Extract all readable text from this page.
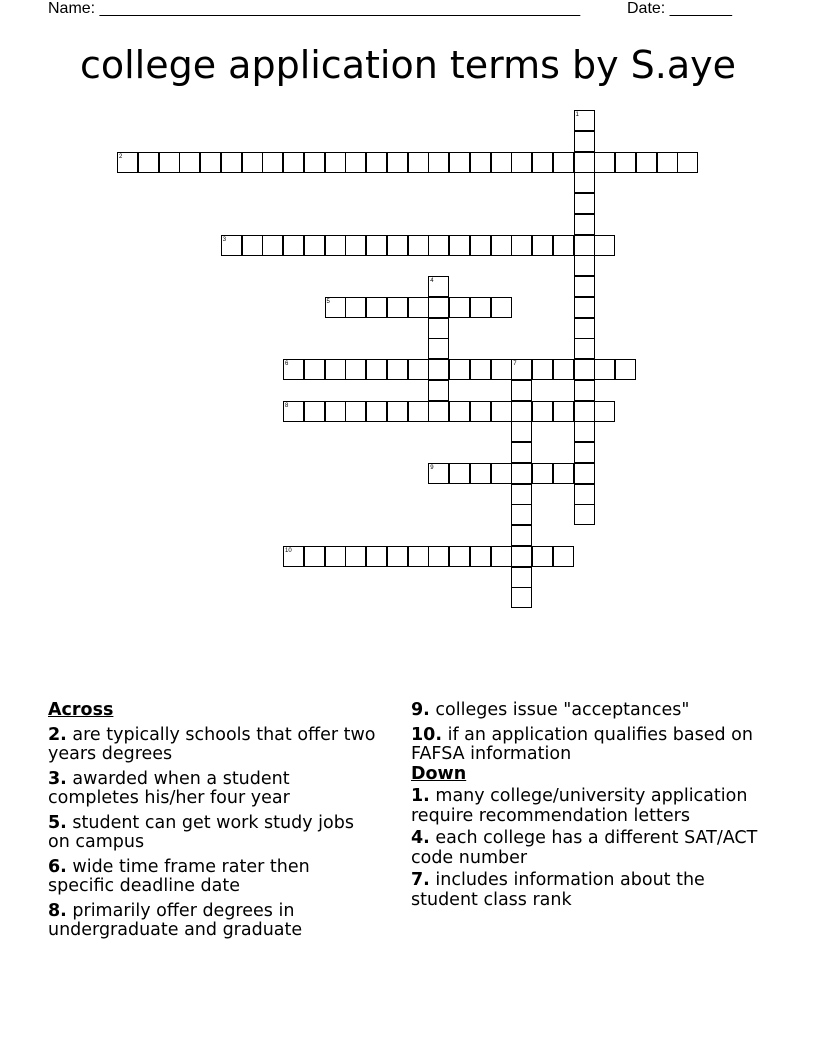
Name: ______________________________________________________	Date: _______
college application terms by S.aye
1
2
3
4
5
6	7
8
9
10
Across
2. are typically schools that offer two years degrees
3. awarded when a student completes his/her four year
5. student can get work study jobs on campus
6. wide time frame rater then specific deadline date
8. primarily offer degrees in undergraduate and graduate
9. colleges issue "acceptances"
10. if an application qualifies based on FAFSA information
Down
1. many college/university application require recommendation letters
4. each college has a different SAT/ACT code number
7. includes information about the student class rank
